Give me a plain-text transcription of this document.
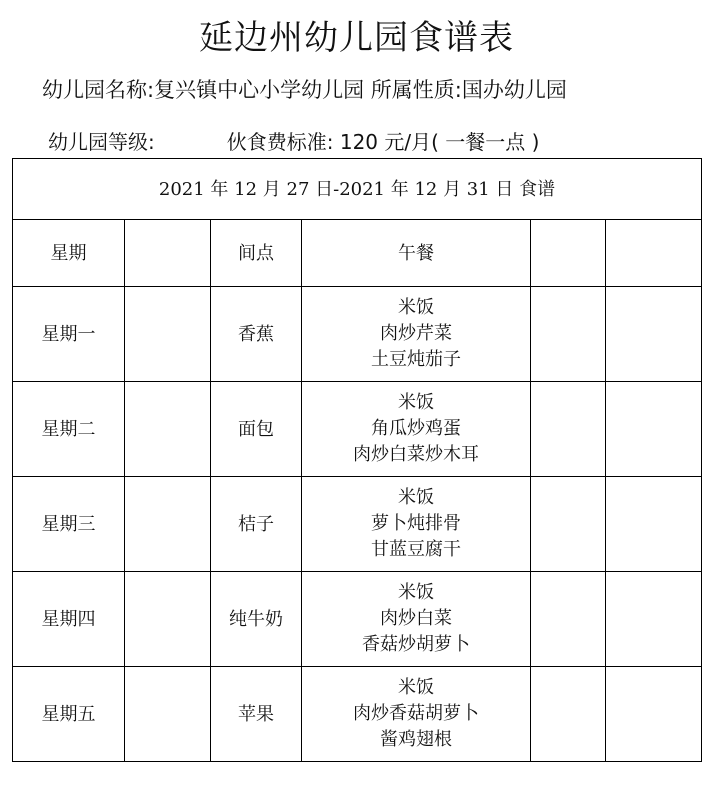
延边州幼儿园食谱表
幼儿园名称:复兴镇中心小学幼儿园 所属性质:国办幼儿园
幼儿园等级:	伙食费标准: 120 元/月( 一餐一点 )
2021 年 12 月 27 日-2021 年 12 月 31 日 食谱					
星期		间点	午餐		
星期一		香蕉	米饭
肉炒芹菜
土豆炖茄子		

星期二		面包	米饭
角瓜炒鸡蛋
肉炒白菜炒木耳		

星期三		桔子	米饭
萝卜炖排骨
甘蓝豆腐干		

星期四		纯牛奶	米饭
肉炒白菜
香菇炒胡萝卜		

星期五		苹果	米饭
肉炒香菇胡萝卜
酱鸡翅根		
